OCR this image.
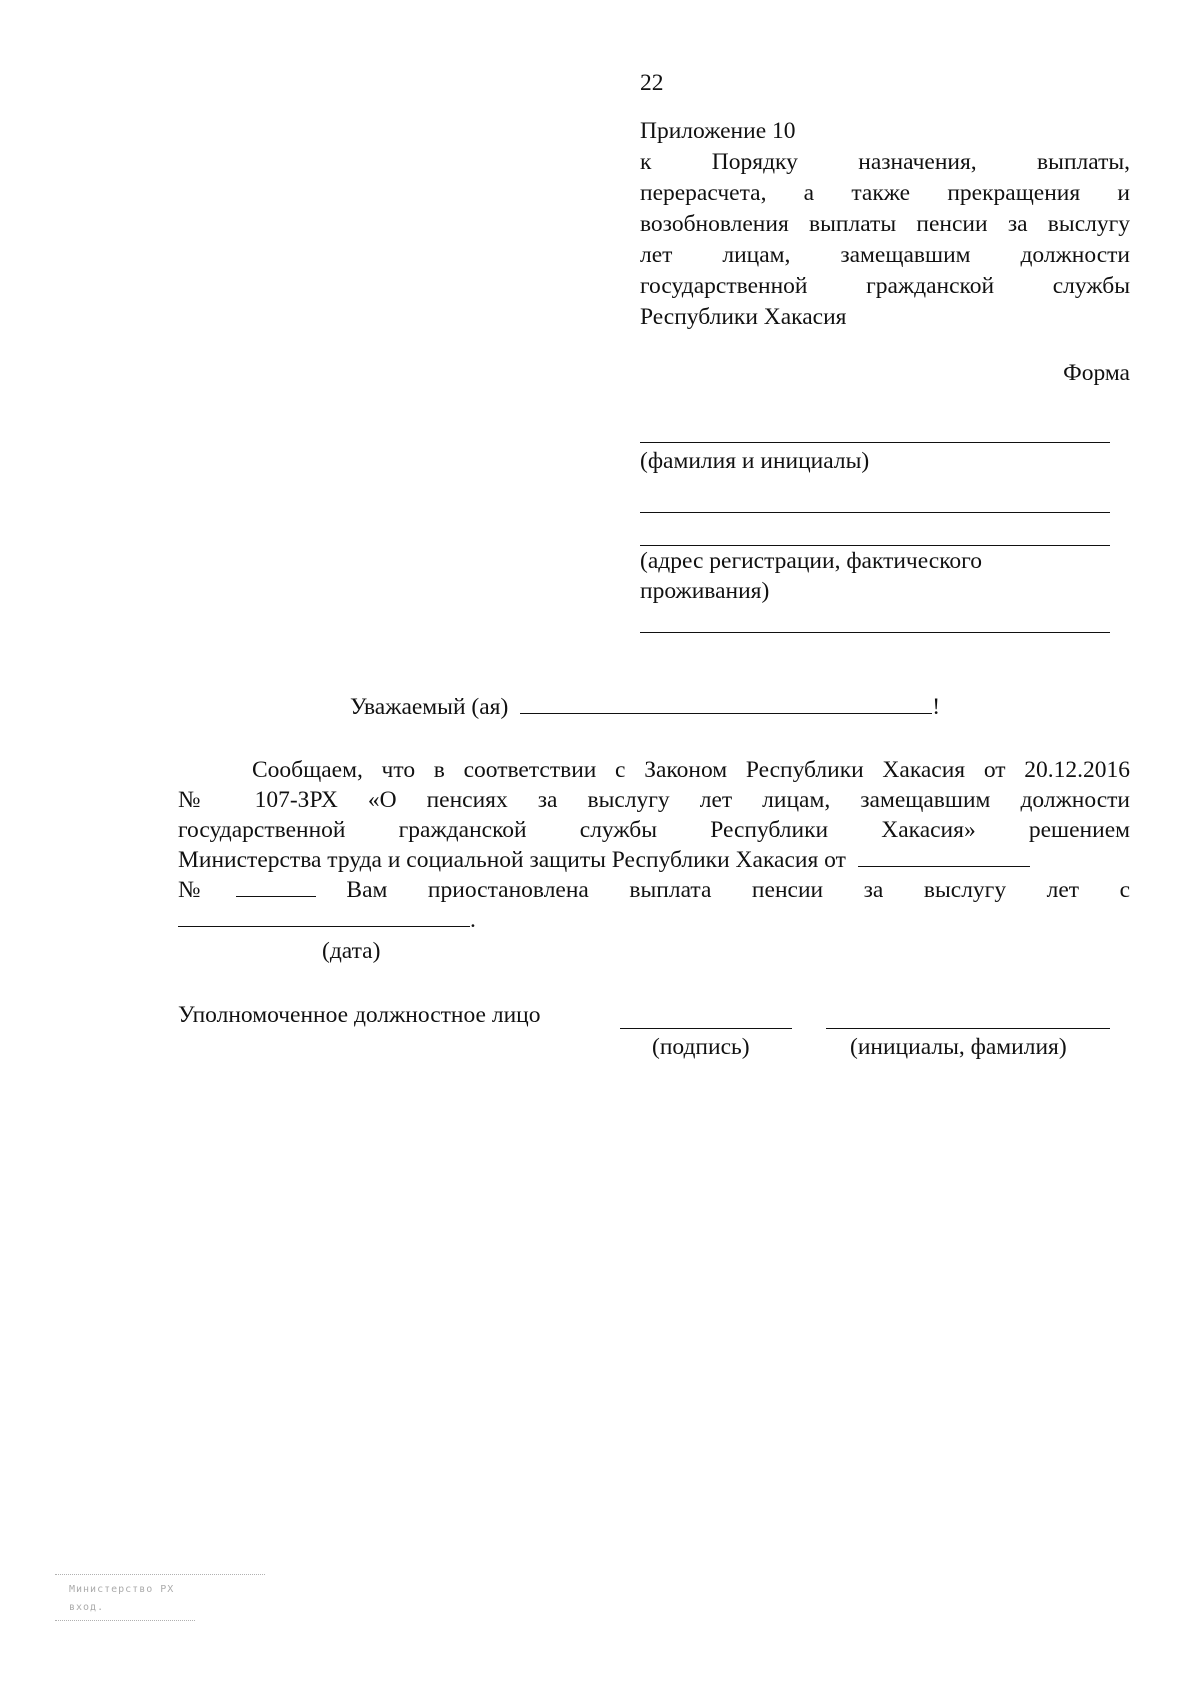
22
Приложение 10
к Порядку назначения, выплаты,
перерасчета, а также прекращения и
возобновления выплаты пенсии за выслугу
лет лицам, замещавшим должности
государственной гражданской службы
Республики Хакасия
Форма
(фамилия и инициалы)
(адрес регистрации, фактического
проживания)
Уважаемый (ая)	!
Сообщаем, что в соответствии с Законом Республики Хакасия от 20.12.2016
№ 107-ЗРХ «О пенсиях за выслугу лет лицам, замещавшим должности
государственной гражданской службы Республики Хакасия» решением
Министерства труда и социальной защиты Республики Хакасия от
№	Вам приостановлена выплата пенсии за выслугу лет с
.
(дата)
Уполномоченное должностное лицо
(подпись)	(инициалы, фамилия)
Министерство РХ
вход.
